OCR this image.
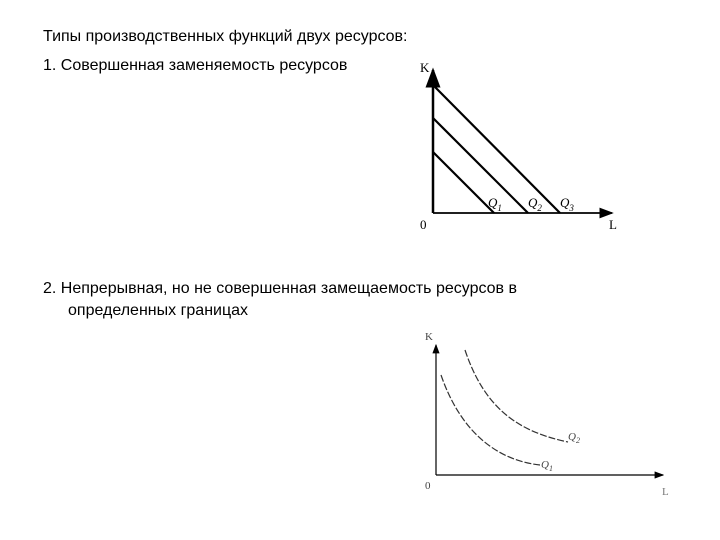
Типы производственных функций двух ресурсов:

1. Совершенная заменяемость ресурсов

2. Непрерывная, но не совершенная замещаемость ресурсов в

определенных границах

K
L
0
$Q_1$ $Q_2$ $Q_3$
K
L
0
$Q_1$
$Q_2$
